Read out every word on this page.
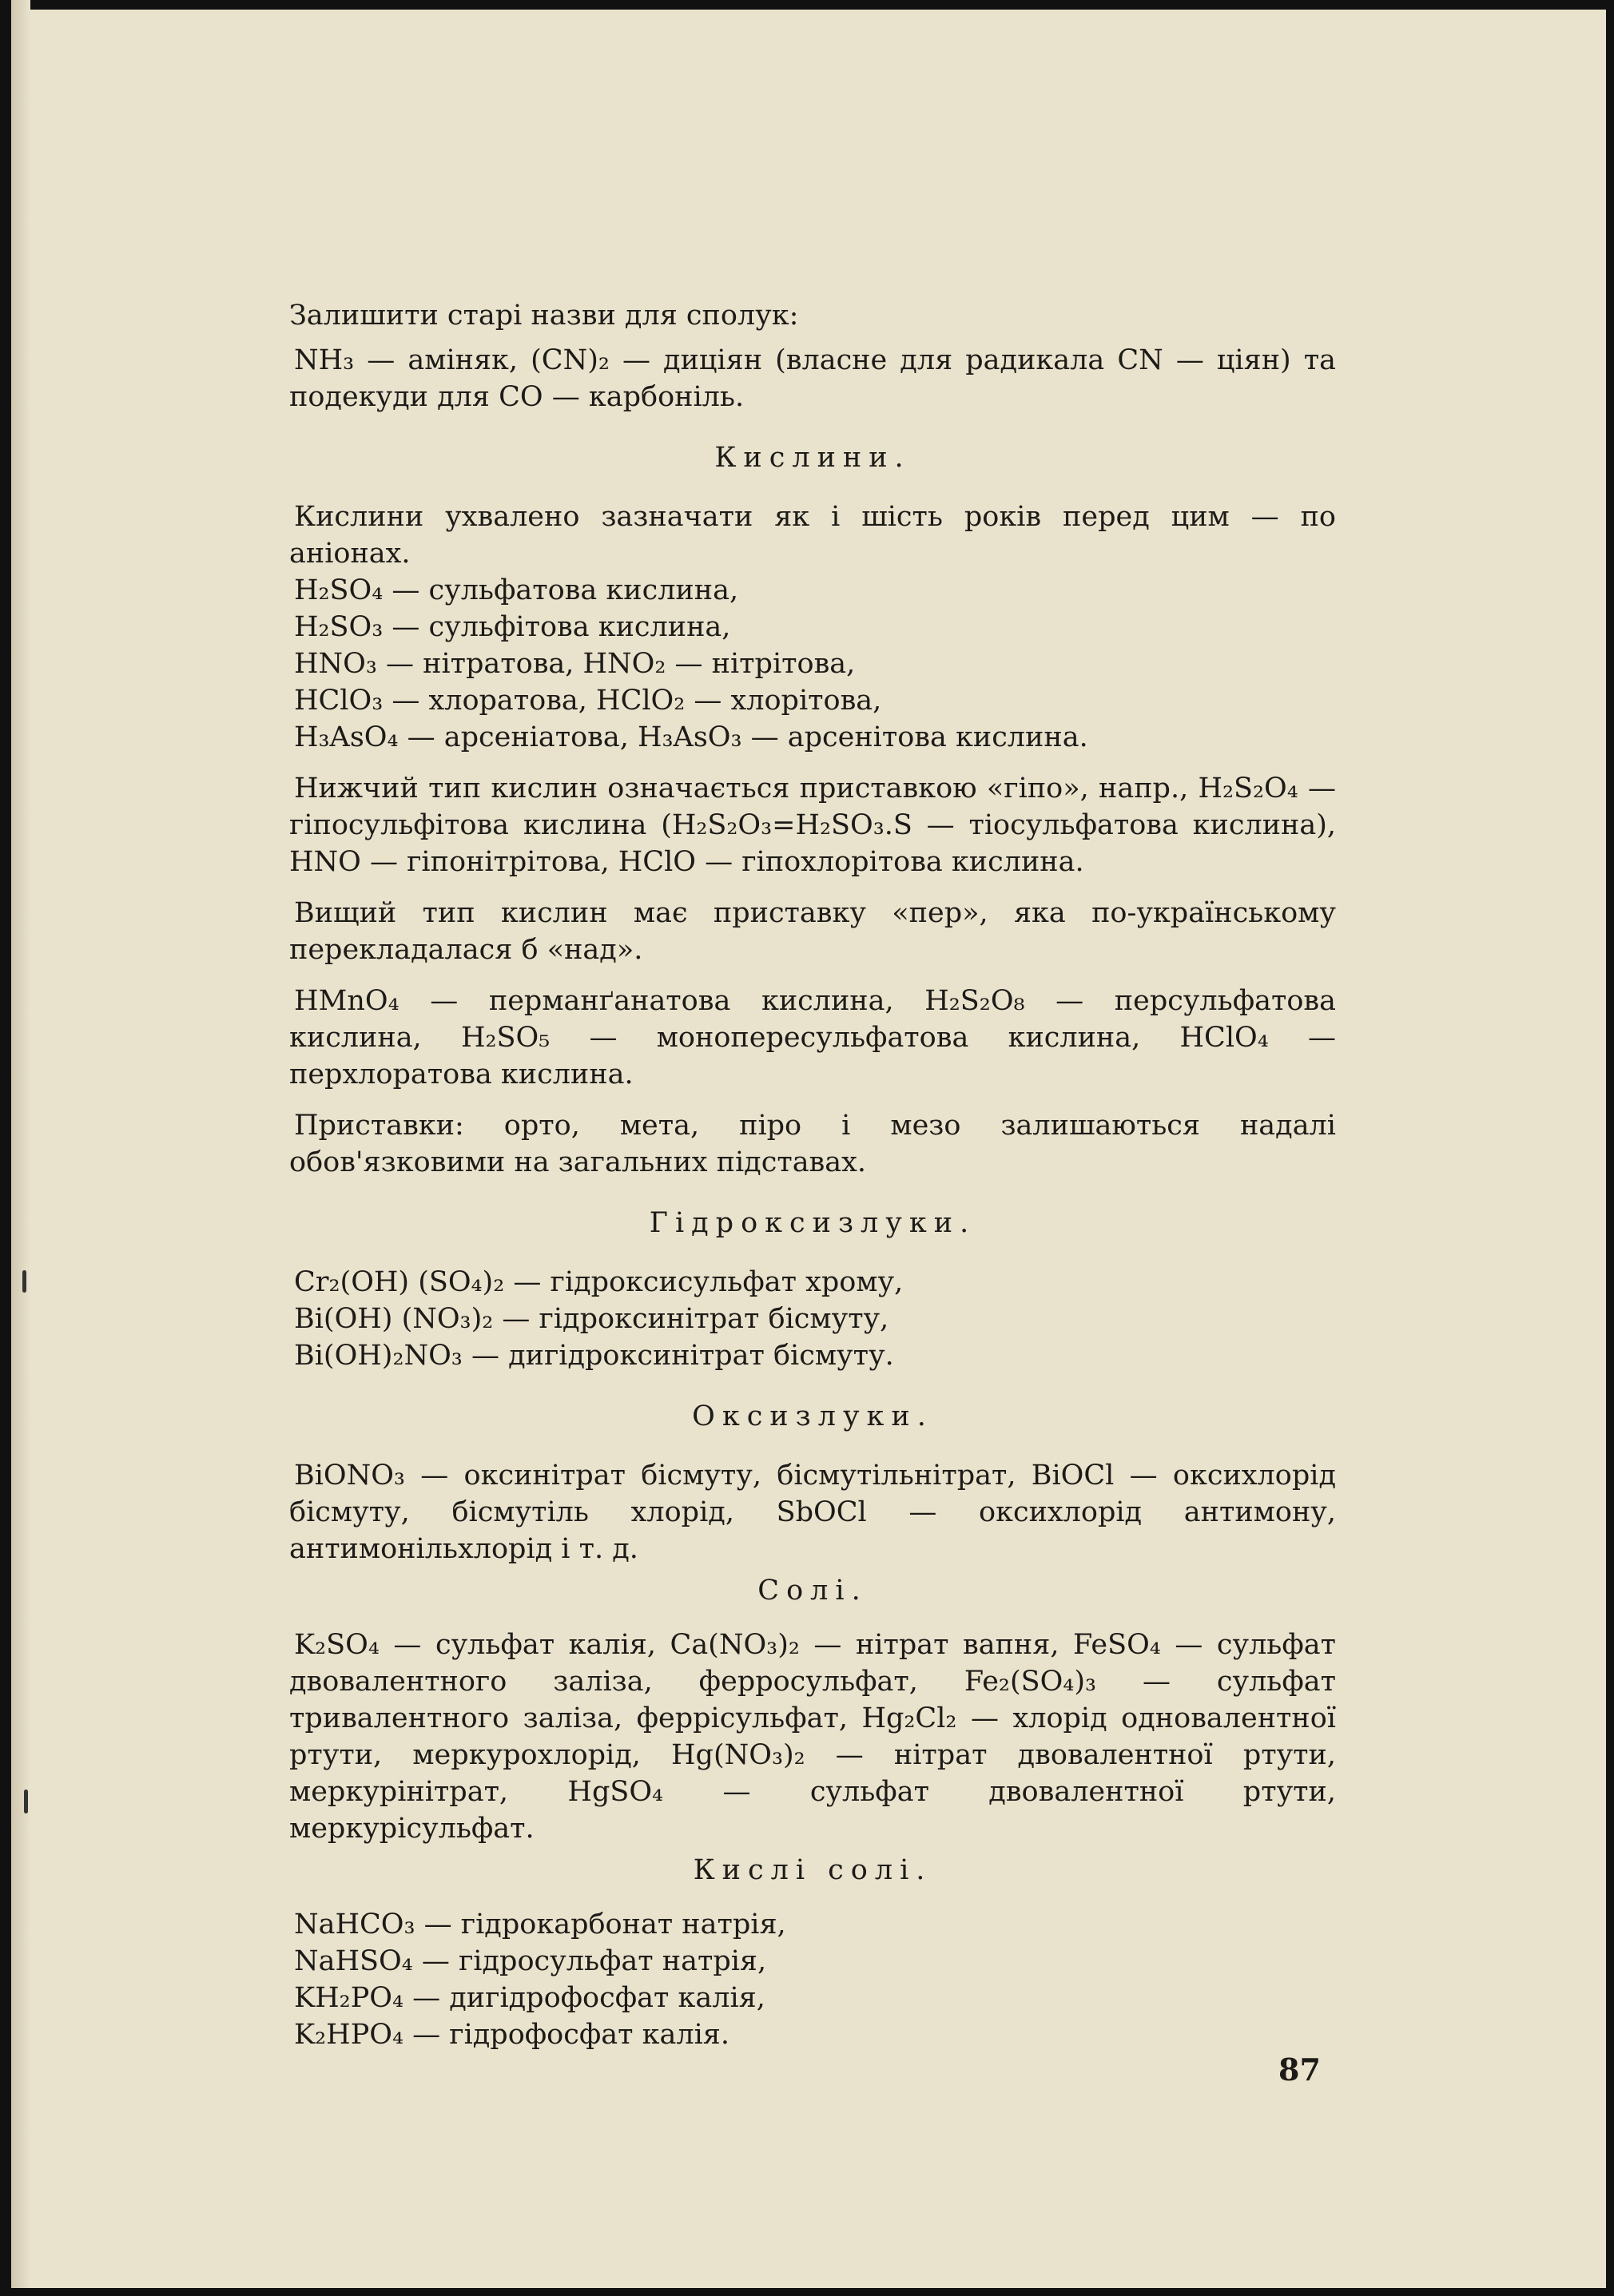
Залишити старі назви для сполук:

NH₃ — аміняк, (CN)₂ — диціян (власне для радикала CN — ціян) та подекуди для CO — карбоніль.

Кислини.

Кислини ухвалено зазначати як і шість років перед цим — по аніонах.

H₂SO₄ — сульфатова кислина,
H₂SO₃ — сульфітова кислина,
HNO₃ — нітратова, HNO₂ — нітрітова,
HClO₃ — хлоратова, HClO₂ — хлорітова,
H₃AsO₄ — арсеніатова, H₃AsO₃ — арсенітова кислина.

Нижчий тип кислин означається приставкою «гіпо», напр., H₂S₂O₄ — гіпосульфітова кислина (H₂S₂O₃=H₂SO₃.S — тіосульфатова кислина), HNO — гіпонітрітова, HClO — гіпохлорітова кислина.

Вищий тип кислин має приставку «пер», яка по-українському перекладалася б «над».

HMnO₄ — перманґанатова кислина, H₂S₂O₈ — персульфатова кислина, H₂SO₅ — монопересульфатова кислина, HClO₄ — перхлоратова кислина.

Приставки: орто, мета, піро і мезо залишаються надалі обов'язковими на загальних підставах.

Гідроксизлуки.
Cr₂(OH) (SO₄)₂ — гідроксисульфат хрому,
Bi(OH) (NO₃)₂ — гідроксинітрат бісмуту,
Bi(OH)₂NO₃ — дигідроксинітрат бісмуту.
Оксизлуки.

BiONO₃ — оксинітрат бісмуту, бісмутільнітрат, BiOCl — оксихлорід бісмуту, бісмутіль хлорід, SbOCl — оксихлорід антимону, антимонільхлорід і т. д.

Солі.

K₂SO₄ — сульфат калія, Ca(NO₃)₂ — нітрат вапня, FeSO₄ — сульфат двовалентного заліза, ферросульфат, Fe₂(SO₄)₃ — сульфат тривалентного заліза, феррісульфат, Hg₂Cl₂ — хлорід одновалентної ртути, меркурохлорід, Hg(NO₃)₂ — нітрат двовалентної ртути, меркурінітрат, HgSO₄ — сульфат двовалентної ртути, меркурісульфат.

Кислі солі.
NaHCO₃ — гідрокарбонат натрія,
NaHSO₄ — гідросульфат натрія,
KH₂PO₄ — дигідрофосфат калія,
K₂HPO₄ — гідрофосфат калія.
87
